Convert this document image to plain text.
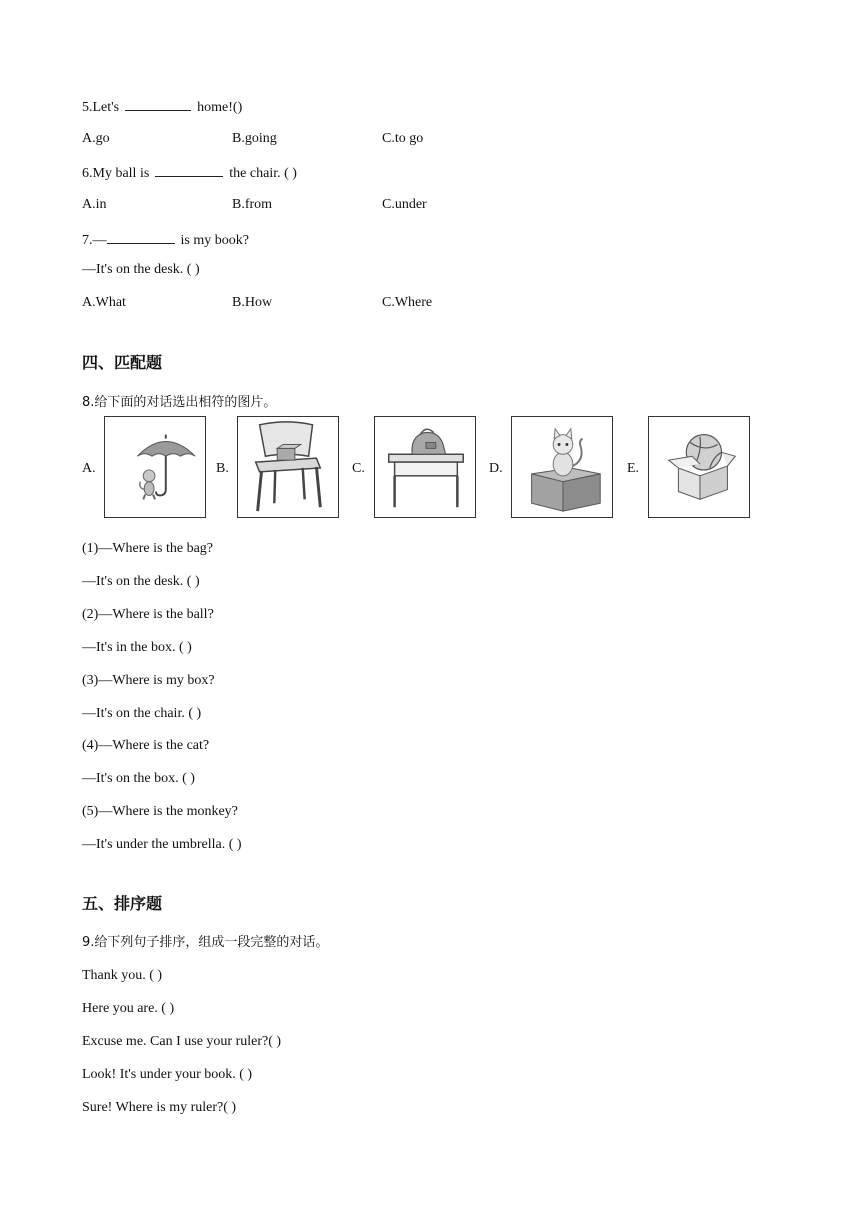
5.Let's	home!()
A.go	B.going	C.to go
6.My ball is	the chair. ( )
A.in	B.from	C.under
7.—	is my book?
—It's on the desk. ( )
A.What	B.How	C.Where
四、匹配题
8.给下面的对话选出相符的图片。
A.	B.	C.	D.	E.
(1)—Where is the bag?
—It's on the desk. ( )
(2)—Where is the ball?
—It's in the box. ( )
(3)—Where is my box?
—It's on the chair. ( )
(4)—Where is the cat?
—It's on the box. ( )
(5)—Where is the monkey?
—It's under the umbrella. ( )
五、排序题
9.给下列句子排序，组成一段完整的对话。
Thank you. ( )
Here you are. ( )
Excuse me. Can I use your ruler?( )
Look! It's under your book. ( )
Sure! Where is my ruler?( )
